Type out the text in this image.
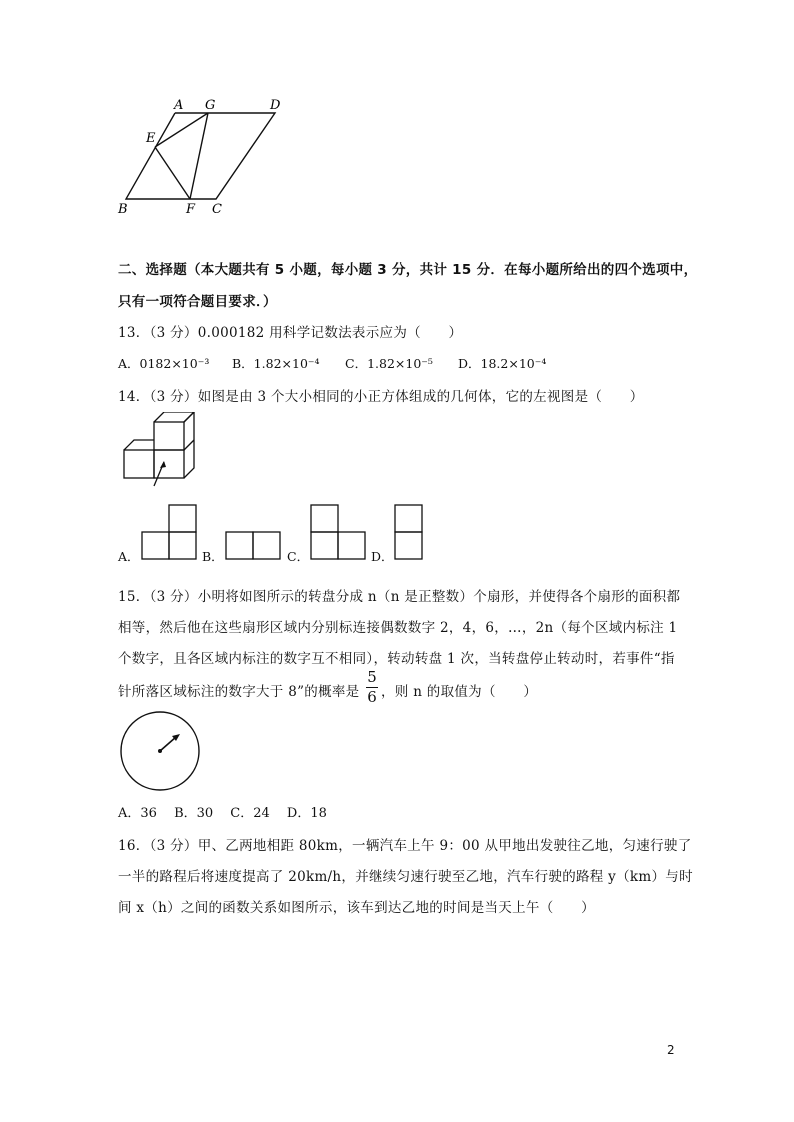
A G	D
E
B	F C
二、选择题（本大题共有 5 小题，每小题 3 分，共计 15 分．在每小题所给出的四个选项中，
只有一项符合题目要求．）
13．（3 分）0.000182 用科学记数法表示应为（　　）
A．0182×10⁻³ B．1.82×10⁻⁴ C．1.82×10⁻⁵ D．18.2×10⁻⁴
14．（3 分）如图是由 3 个大小相同的小正方体组成的几何体，它的左视图是（　　）
A．	B．	C．	D．
15．（3 分）小明将如图所示的转盘分成 n（n 是正整数）个扇形，并使得各个扇形的面积都
相等，然后他在这些扇形区域内分别标连接偶数数字 2，4，6，…，2n（每个区域内标注 1
个数字，且各区域内标注的数字互不相同），转动转盘 1 次，当转盘停止转动时，若事件“指
针所落区域标注的数字大于 8”的概率是
5
6 ，则 n 的取值为（　　）
A．36　 B．30　 C．24　 D．18
16．（3 分）甲、乙两地相距 80km，一辆汽车上午 9：00 从甲地出发驶往乙地，匀速行驶了
一半的路程后将速度提高了 20km/h，并继续匀速行驶至乙地，汽车行驶的路程 y（km）与时
间 x（h）之间的函数关系如图所示，该车到达乙地的时间是当天上午（　　）
2
